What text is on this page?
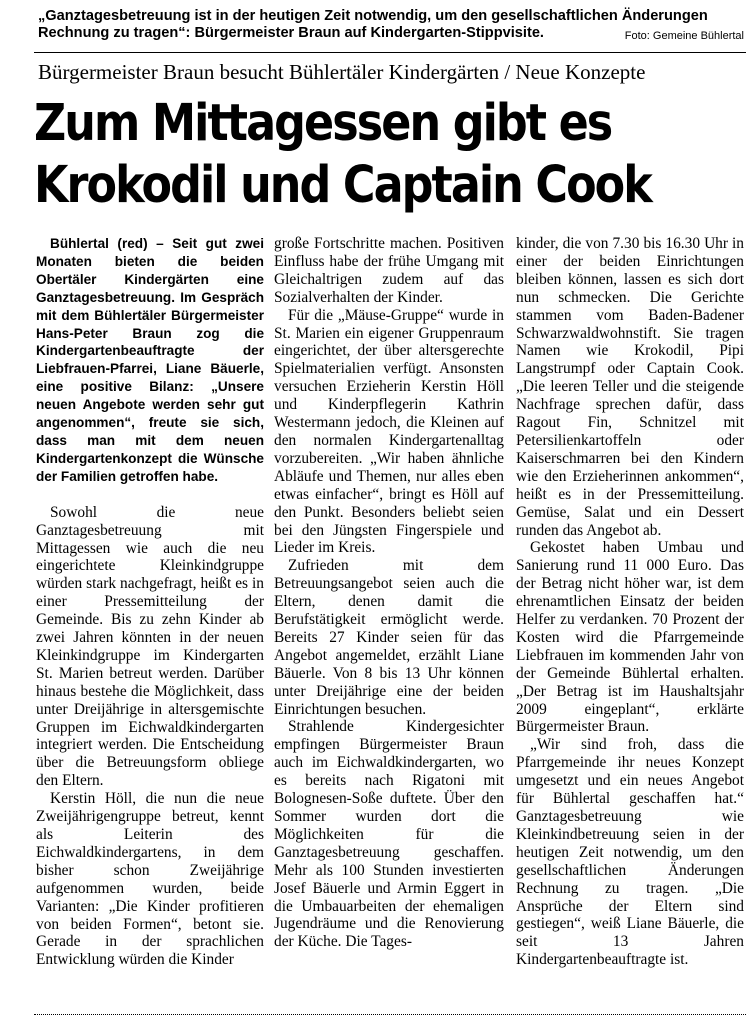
„Ganztagesbetreuung ist in der heutigen Zeit notwendig, um den gesellschaftlichen Änderungen
Rechnung zu tragen“: Bürgermeister Braun auf Kindergarten-Stippvisite.	Foto: Gemeine Bühlertal
Bürgermeister Braun besucht Bühlertäler Kindergärten / Neue Konzepte
Zum Mittagessen gibt es
Krokodil und Captain Cook

Bühlertal (red) – Seit gut zwei Monaten bieten die beiden Obertäler Kindergärten eine Ganztagesbetreuung. Im Gespräch mit dem Bühlertäler Bürgermeister Hans-Peter Braun zog die Kindergartenbeauftragte der Liebfrauen-Pfarrei, Liane Bäuerle, eine positive Bilanz: „Unsere neuen Angebote werden sehr gut angenommen“, freute sie sich, dass man mit dem neuen Kindergartenkonzept die Wünsche der Familien getroffen habe.

Sowohl die neue Ganztagesbetreuung mit Mittagessen wie auch die neu eingerichtete Kleinkindgruppe würden stark nachgefragt, heißt es in einer Pressemitteilung der Gemeinde. Bis zu zehn Kinder ab zwei Jahren könnten in der neuen Kleinkindgruppe im Kindergarten St. Marien betreut werden. Darüber hinaus bestehe die Möglichkeit, dass unter Dreijährige in altersgemischte Gruppen im Eichwaldkindergarten integriert werden. Die Entscheidung über die Betreuungsform obliege den Eltern.

Kerstin Höll, die nun die neue Zweijährigengruppe betreut, kennt als Leiterin des Eichwaldkindergartens, in dem bisher schon Zweijährige aufgenommen wurden, beide Varianten: „Die Kinder profitieren von beiden Formen“, betont sie. Gerade in der sprachlichen Entwicklung würden die Kinder

große Fortschritte machen. Positiven Einfluss habe der frühe Umgang mit Gleichaltrigen zudem auf das Sozialverhalten der Kinder.

Für die „Mäuse-Gruppe“ wurde in St. Marien ein eigener Gruppenraum eingerichtet, der über altersgerechte Spielmaterialien verfügt. Ansonsten versuchen Erzieherin Kerstin Höll und Kinderpflegerin Kathrin Westermann jedoch, die Kleinen auf den normalen Kindergartenalltag vorzubereiten. „Wir haben ähnliche Abläufe und Themen, nur alles eben etwas einfacher“, bringt es Höll auf den Punkt. Besonders beliebt seien bei den Jüngsten Fingerspiele und Lieder im Kreis.

Zufrieden mit dem Betreuungsangebot seien auch die Eltern, denen damit die Berufstätigkeit ermöglicht werde. Bereits 27 Kinder seien für das Angebot angemeldet, erzählt Liane Bäuerle. Von 8 bis 13 Uhr können unter Dreijährige eine der beiden Einrichtungen besuchen.

Strahlende Kindergesichter empfingen Bürgermeister Braun auch im Eichwaldkindergarten, wo es bereits nach Rigatoni mit Bolognesen-Soße duftete. Über den Sommer wurden dort die Möglichkeiten für die Ganztagesbetreuung geschaffen. Mehr als 100 Stunden investierten Josef Bäuerle und Armin Eggert in die Umbauarbeiten der ehemaligen Jugendräume und die Renovierung der Küche. Die Tages-

kinder, die von 7.30 bis 16.30 Uhr in einer der beiden Einrichtungen bleiben können, lassen es sich dort nun schmecken. Die Gerichte stammen vom Baden-Badener Schwarzwaldwohnstift. Sie tragen Namen wie Krokodil, Pipi Langstrumpf oder Captain Cook. „Die leeren Teller und die steigende Nachfrage sprechen dafür, dass Ragout Fin, Schnitzel mit Petersilienkartoffeln oder Kaiserschmarren bei den Kindern wie den Erzieherinnen ankommen“, heißt es in der Pressemitteilung. Gemüse, Salat und ein Dessert runden das Angebot ab.

Gekostet haben Umbau und Sanierung rund 11 000 Euro. Das der Betrag nicht höher war, ist dem ehrenamtlichen Einsatz der beiden Helfer zu verdanken. 70 Prozent der Kosten wird die Pfarrgemeinde Liebfrauen im kommenden Jahr von der Gemeinde Bühlertal erhalten. „Der Betrag ist im Haushaltsjahr 2009 eingeplant“, erklärte Bürgermeister Braun.

„Wir sind froh, dass die Pfarrgemeinde ihr neues Konzept umgesetzt und ein neues Angebot für Bühlertal geschaffen hat.“ Ganztagesbetreuung wie Kleinkindbetreuung seien in der heutigen Zeit notwendig, um den gesellschaftlichen Änderungen Rechnung zu tragen. „Die Ansprüche der Eltern sind gestiegen“, weiß Liane Bäuerle, die seit 13 Jahren Kindergartenbeauftragte ist.
